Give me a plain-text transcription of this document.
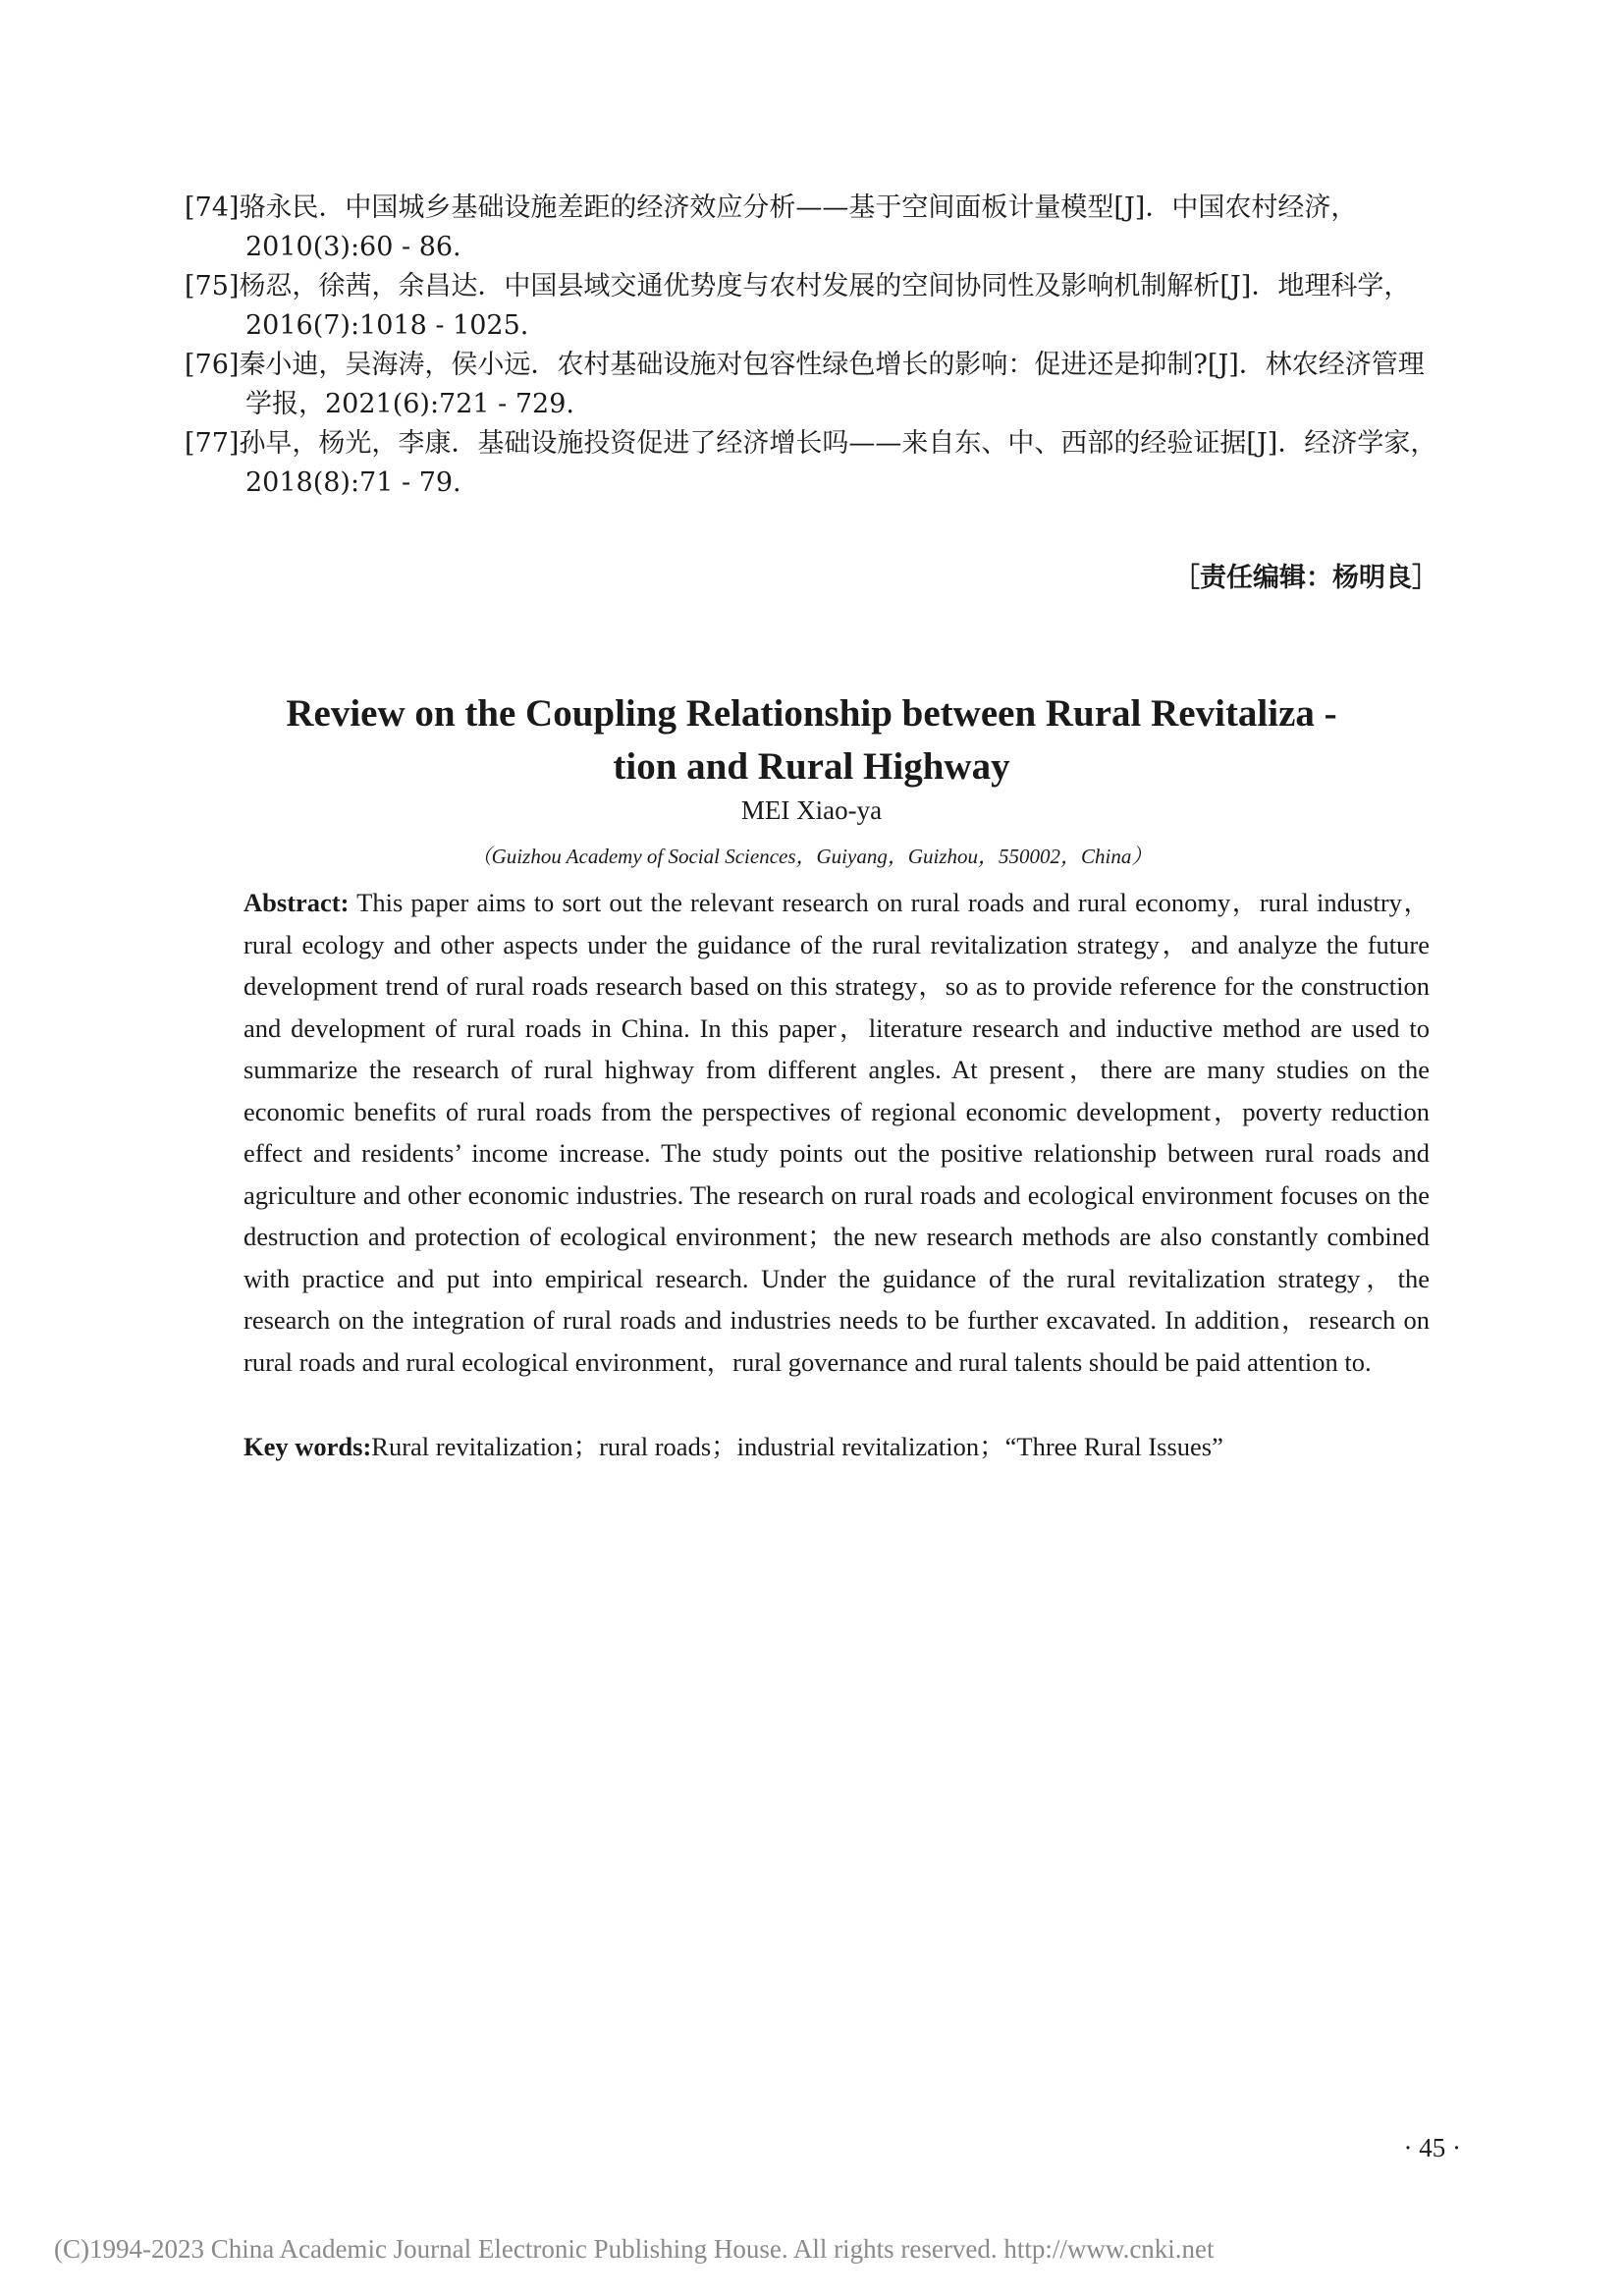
[74]骆永民．中国城乡基础设施差距的经济效应分析——基于空间面板计量模型[J]．中国农村经济，
2010(3):60 - 86.

[75]杨忍，徐茜，余昌达．中国县域交通优势度与农村发展的空间协同性及影响机制解析[J]．地理科学，
2016(7):1018 - 1025.

[76]秦小迪，吴海涛，侯小远．农村基础设施对包容性绿色增长的影响：促进还是抑制?[J]．林农经济管理
学报，2021(6):721 - 729.

[77]孙早，杨光，李康．基础设施投资促进了经济增长吗——来自东、中、西部的经验证据[J]．经济学家，
2018(8):71 - 79.

［责任编辑：杨明良］
Review on the Coupling Relationship between Rural Revitaliza -
tion and Rural Highway
MEI Xiao-ya
（Guizhou Academy of Social Sciences，Guiyang，Guizhou，550002，China）

Abstract: This paper aims to sort out the relevant research on rural roads and rural economy，rural industry，rural ecology and other aspects under the guidance of the rural revitalization strategy，and analyze the future development trend of rural roads research based on this strategy，so as to provide reference for the construction and development of rural roads in China. In this paper，literature research and inductive method are used to summarize the research of rural highway from different angles. At present，there are many studies on the economic benefits of rural roads from the perspectives of regional economic development，poverty reduction effect and residents’ income increase. The study points out the positive relationship between rural roads and agriculture and other economic industries. The research on rural roads and ecological environment focuses on the destruction and protection of ecological environment；the new research methods are also constantly combined with practice and put into empirical research. Under the guidance of the rural revitalization strategy，the research on the integration of rural roads and industries needs to be further excavated. In addition，research on rural roads and rural ecological environment，rural governance and rural talents should be paid attention to.

Key words:Rural revitalization；rural roads；industrial revitalization；“Three Rural Issues”

· 45 ·
(C)1994-2023 China Academic Journal Electronic Publishing House. All rights reserved. http://www.cnki.net
